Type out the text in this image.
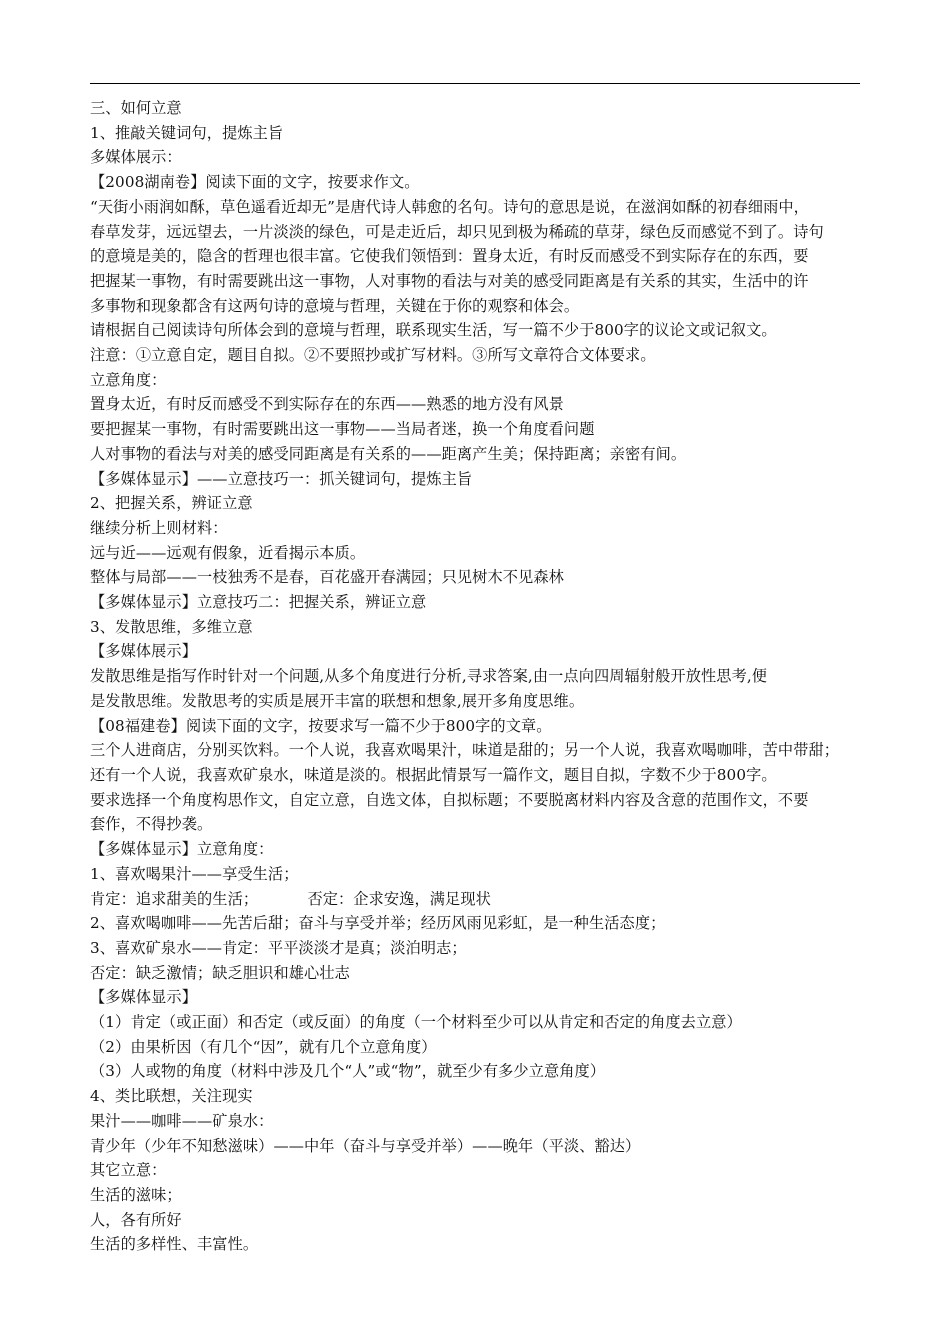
三、如何立意

1、推敲关键词句，提炼主旨

多媒体展示：

【2008湖南卷】阅读下面的文字，按要求作文。

“天街小雨润如酥，草色遥看近却无”是唐代诗人韩愈的名句。诗句的意思是说，在滋润如酥的初春细雨中，

春草发芽，远远望去，一片淡淡的绿色，可是走近后，却只见到极为稀疏的草芽，绿色反而感觉不到了。诗句

的意境是美的，隐含的哲理也很丰富。它使我们领悟到：置身太近，有时反而感受不到实际存在的东西，要

把握某一事物，有时需要跳出这一事物，人对事物的看法与对美的感受同距离是有关系的其实，生活中的许

多事物和现象都含有这两句诗的意境与哲理，关键在于你的观察和体会。

请根据自己阅读诗句所体会到的意境与哲理，联系现实生活，写一篇不少于800字的议论文或记叙文。

注意：①立意自定，题目自拟。②不要照抄或扩写材料。③所写文章符合文体要求。

立意角度：

置身太近，有时反而感受不到实际存在的东西——熟悉的地方没有风景

要把握某一事物，有时需要跳出这一事物——当局者迷，换一个角度看问题

人对事物的看法与对美的感受同距离是有关系的——距离产生美；保持距离；亲密有间。

【多媒体显示】——立意技巧一：抓关键词句，提炼主旨

2、把握关系，辨证立意

继续分析上则材料：

远与近——远观有假象，近看揭示本质。

整体与局部——一枝独秀不是春，百花盛开春满园；只见树木不见森林

【多媒体显示】立意技巧二：把握关系，辨证立意

3、发散思维，多维立意

【多媒体展示】

发散思维是指写作时针对一个问题,从多个角度进行分析,寻求答案,由一点向四周辐射般开放性思考,便

是发散思维。发散思考的实质是展开丰富的联想和想象,展开多角度思维。

【08福建卷】阅读下面的文字，按要求写一篇不少于800字的文章。

三个人进商店，分别买饮料。一个人说，我喜欢喝果汁，味道是甜的；另一个人说，我喜欢喝咖啡，苦中带甜；

还有一个人说，我喜欢矿泉水，味道是淡的。根据此情景写一篇作文，题目自拟，字数不少于800字。

要求选择一个角度构思作文，自定立意，自选文体，自拟标题；不要脱离材料内容及含意的范围作文，不要

套作，不得抄袭。

【多媒体显示】立意角度：

1、喜欢喝果汁——享受生活；

肯定：追求甜美的生活；          否定：企求安逸，满足现状

2、喜欢喝咖啡——先苦后甜；奋斗与享受并举；经历风雨见彩虹，是一种生活态度；

3、喜欢矿泉水——肯定：平平淡淡才是真；淡泊明志；

否定：缺乏激情；缺乏胆识和雄心壮志

【多媒体显示】

（1）肯定（或正面）和否定（或反面）的角度（一个材料至少可以从肯定和否定的角度去立意）

（2）由果析因（有几个“因”，就有几个立意角度）

（3）人或物的角度（材料中涉及几个“人”或“物”，就至少有多少立意角度）

4、类比联想，关注现实

果汁——咖啡——矿泉水：

青少年（少年不知愁滋味）——中年（奋斗与享受并举）——晚年（平淡、豁达）

其它立意：

生活的滋味；

人，各有所好

生活的多样性、丰富性。
